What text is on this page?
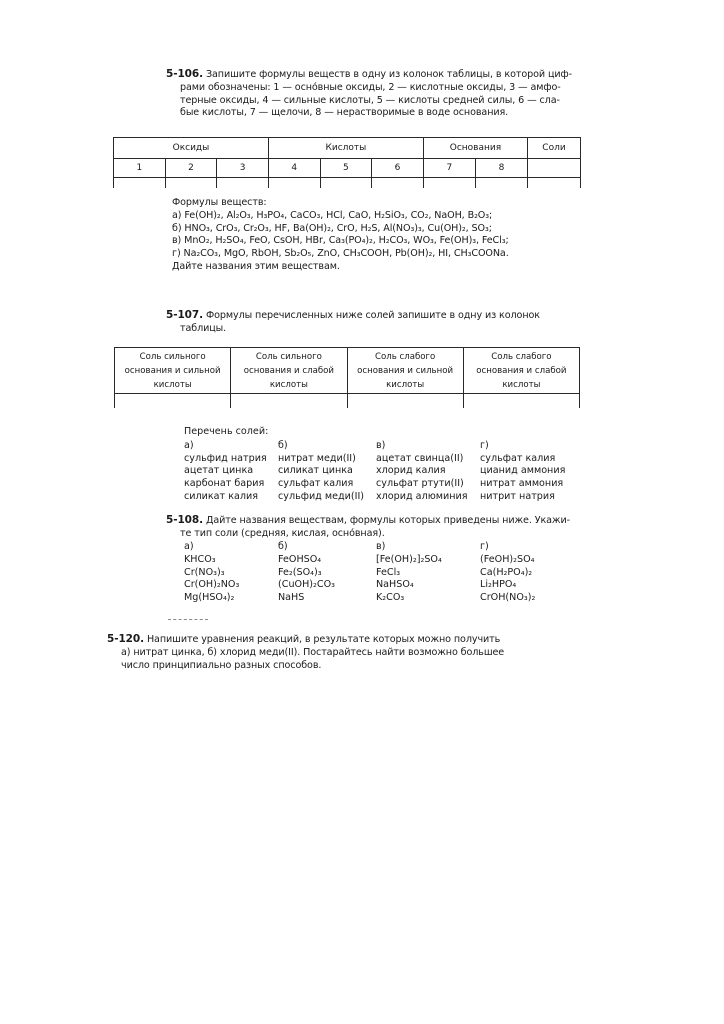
5-106. Запишите формулы веществ в одну из колонок таблицы, в которой циф-
рами обозначены: 1 — осно́вные оксиды, 2 — кислотные оксиды, 3 — амфо-
терные оксиды, 4 — сильные кислоты, 5 — кислоты средней силы, 6 — сла-
бые кислоты, 7 — щелочи, 8 — нерастворимые в воде основания.
Оксиды			Кислоты			Основания		Соли
1	2	3	4	5	6	7	8	

Формулы веществ:
а) Fe(OH)₂, Al₂O₃, H₃PO₄, CaCO₃, HCl, CaO, H₂SiO₃, CO₂, NaOH, B₂O₃;
б) HNO₃, CrO₃, Cr₂O₃, HF, Ba(OH)₂, CrO, H₂S, Al(NO₃)₃, Cu(OH)₂, SO₃;
в) MnO₂, H₂SO₄, FeO, CsOH, HBr, Ca₃(PO₄)₂, H₂CO₃, WO₃, Fe(OH)₃, FeCl₃;
г) Na₂CO₃, MgO, RbOH, Sb₂O₅, ZnO, CH₃COOH, Pb(OH)₂, HI, CH₃COONa.
Дайте названия этим веществам.
5-107. Формулы перечисленных ниже солей запишите в одну из колонок
таблицы.
Соль сильного
основания и сильной
кислоты

Соль сильного
основания и слабой
кислоты

Соль слабого
основания и сильной
кислоты

Соль слабого
основания и слабой
кислоты

Перечень солей:
а)
сульфид натрия
ацетат цинка
карбонат бария
силикат калия
б)
нитрат меди(II)
силикат цинка
сульфат калия
сульфид меди(II)
в)
ацетат свинца(II)
хлорид калия
сульфат ртути(II)
хлорид алюминия
г)
сульфат калия
цианид аммония
нитрат аммония
нитрит натрия
5-108. Дайте названия веществам, формулы которых приведены ниже. Укажи-
те тип соли (средняя, кислая, осно́вная).
а)
KHCO₃
Cr(NO₃)₃
Cr(OH)₂NO₃
Mg(HSO₄)₂
б)
FeOHSO₄
Fe₂(SO₄)₃
(CuOH)₂CO₃
NaHS
в)
[Fe(OH)₂]₂SO₄
FeCl₃
NaHSO₄
K₂CO₃
г)
(FeOH)₂SO₄
Ca(H₂PO₄)₂
Li₂HPO₄
CrOH(NO₃)₂
5-120. Напишите уравнения реакций, в результате которых можно получить
а) нитрат цинка, б) хлорид меди(II). Постарайтесь найти возможно большее
число принципиально разных способов.
